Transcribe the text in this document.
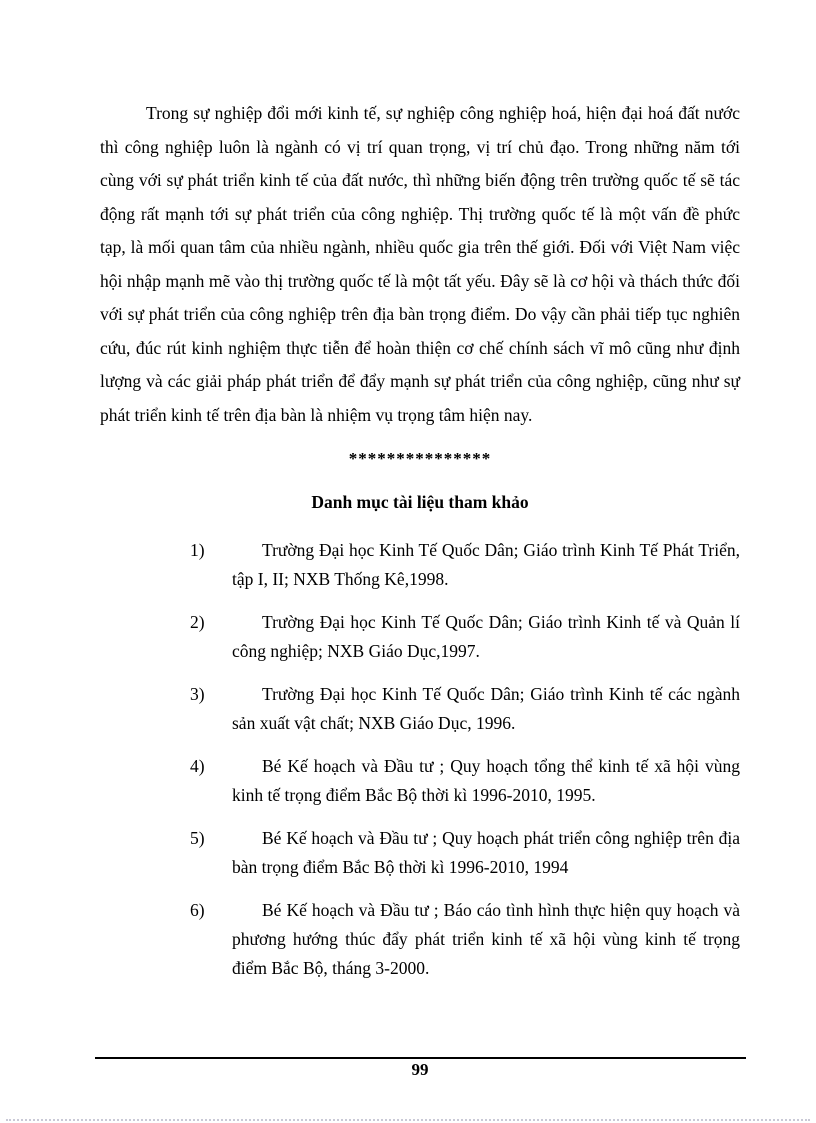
Trong sự nghiệp đổi mới kinh tế, sự nghiệp công nghiệp hoá, hiện đại hoá đất nước thì công nghiệp luôn là ngành có vị trí quan trọng, vị trí chủ đạo. Trong những năm tới cùng với sự phát triển kinh tế của đất nước, thì những biến động trên trường quốc tế sẽ tác động rất mạnh tới sự phát triển của công nghiệp. Thị trường quốc tế là một vấn đề phức tạp, là mối quan tâm của nhiều ngành, nhiều quốc gia trên thế giới. Đối với Việt Nam việc hội nhập mạnh mẽ vào thị trường quốc tế là một tất yếu. Đây sẽ là cơ hội và thách thức đối với sự phát triển của công nghiệp trên địa bàn trọng điểm. Do vậy cần phải tiếp tục nghiên cứu, đúc rút kinh nghiệm thực tiễn để hoàn thiện cơ chế chính sách vĩ mô cũng như định lượng và các giải pháp phát triển để đẩy mạnh sự phát triển của công nghiệp, cũng như sự phát triển kinh tế trên địa bàn là nhiệm vụ trọng tâm hiện nay.

***************
Danh mục tài liệu tham khảo
1)	Trường Đại học Kinh Tế Quốc Dân; Giáo trình Kinh Tế Phát Triển, tập I, II; NXB Thống Kê,1998.
2)	Trường Đại học Kinh Tế Quốc Dân; Giáo trình Kinh tế và Quản lí công nghiệp; NXB Giáo Dục,1997.
3)	Trường Đại học Kinh Tế Quốc Dân; Giáo trình Kinh tế các ngành sản xuất vật chất; NXB Giáo Dục, 1996.
4)	Bé Kế hoạch và Đầu tư ; Quy hoạch tổng thể kinh tế xã hội vùng kinh tế trọng điểm Bắc Bộ thời kì 1996-2010, 1995.
5)	Bé Kế hoạch và Đầu tư ; Quy hoạch phát triển công nghiệp trên địa bàn trọng điểm Bắc Bộ thời kì 1996-2010, 1994
6)	Bé Kế hoạch và Đầu tư ; Báo cáo tình hình thực hiện quy hoạch và phương hướng thúc đẩy phát triển kinh tế xã hội vùng kinh tế trọng điểm Bắc Bộ, tháng 3-2000.
99
